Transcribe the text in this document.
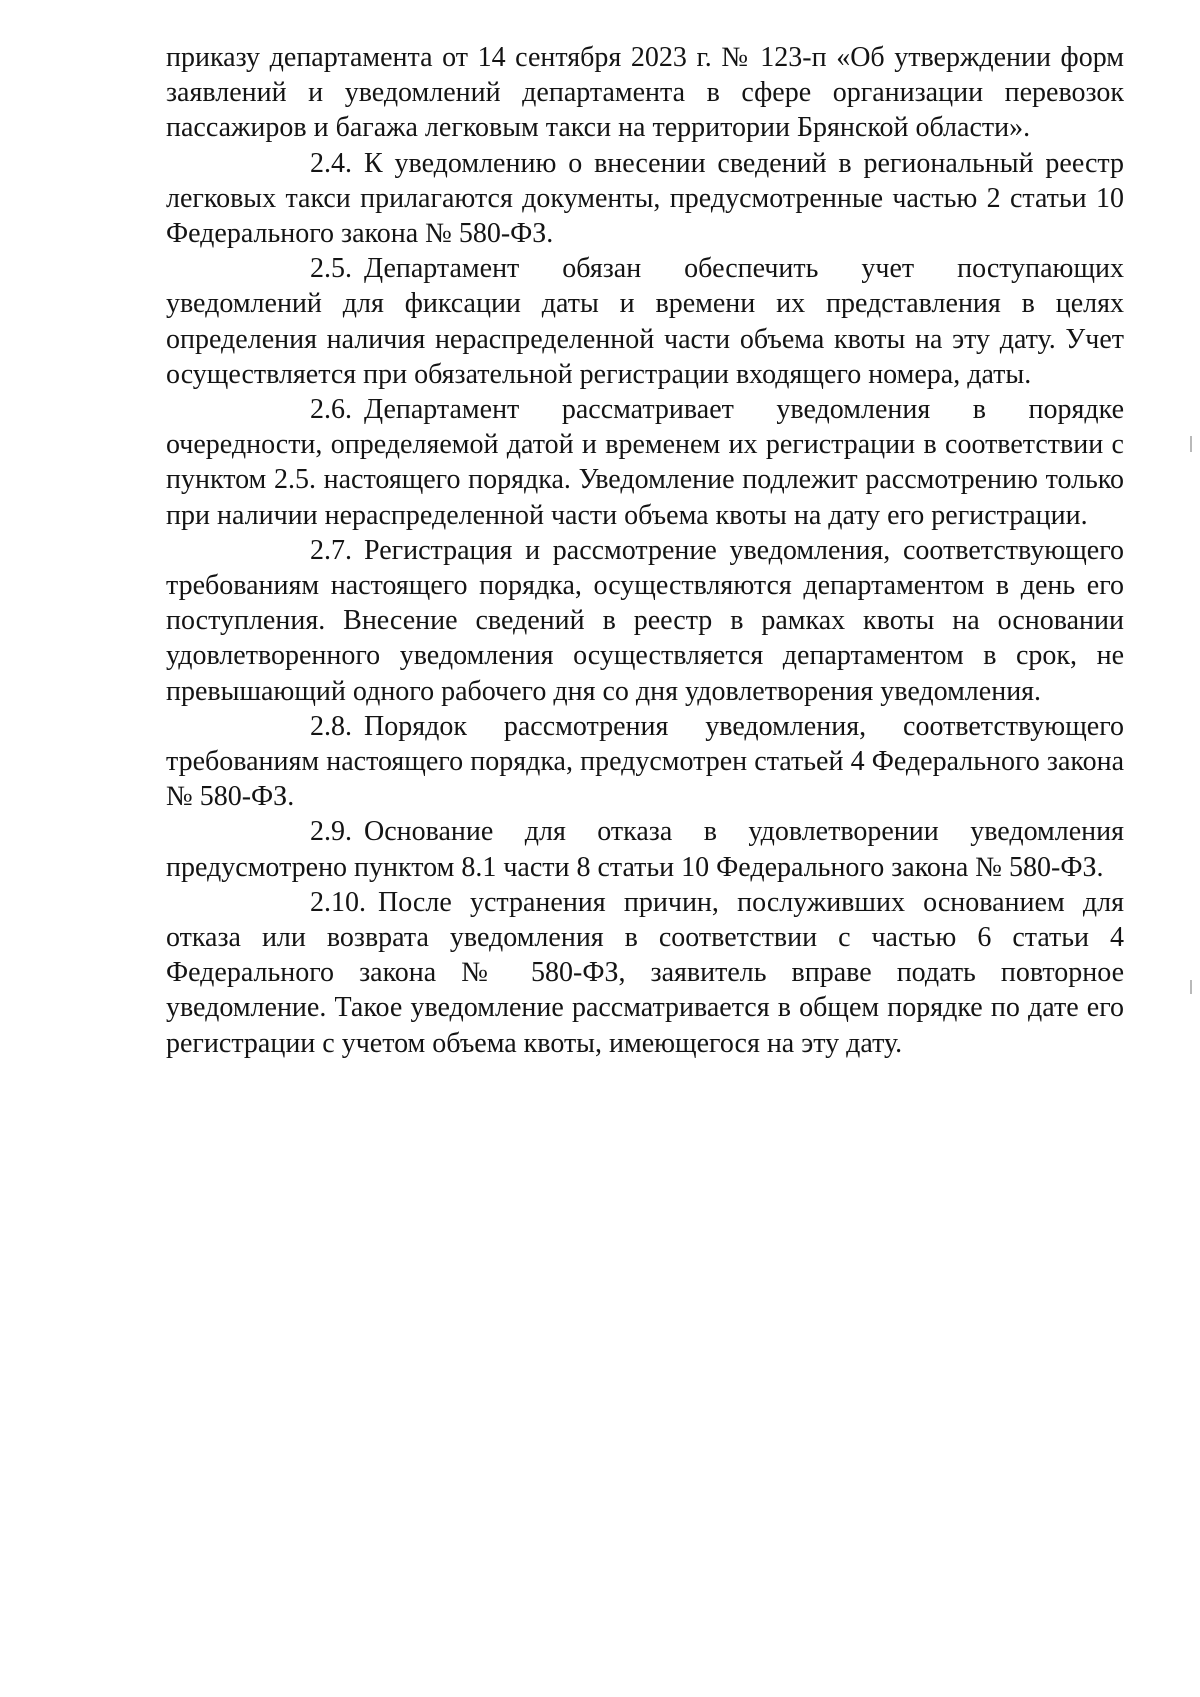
приказу департамента от 14 сентября 2023 г. № 123-п «Об утверждении форм заявлений и уведомлений департамента в сфере организации перевозок пассажиров и багажа легковым такси на территории Брянской области».

2.4. К уведомлению о внесении сведений в региональный реестр легковых такси прилагаются документы, предусмотренные частью 2 статьи 10 Федерального закона № 580-ФЗ.

2.5. Департамент обязан обеспечить учет поступающих уведомлений для фиксации даты и времени их представления в целях определения наличия нераспределенной части объема квоты на эту дату. Учет осуществляется при обязательной регистрации входящего номера, даты.

2.6. Департамент рассматривает уведомления в порядке очередности, определяемой датой и временем их регистрации в соответствии с пунктом 2.5. настоящего порядка. Уведомление подлежит рассмотрению только при наличии нераспределенной части объема квоты на дату его регистрации.

2.7. Регистрация и рассмотрение уведомления, соответствующего требованиям настоящего порядка, осуществляются департаментом в день его поступления. Внесение сведений в реестр в рамках квоты на основании удовлетворенного уведомления осуществляется департаментом в срок, не превышающий одного рабочего дня со дня удовлетворения уведомления.

2.8. Порядок рассмотрения уведомления, соответствующего требованиям настоящего порядка, предусмотрен статьей 4 Федерального закона № 580-ФЗ.

2.9. Основание для отказа в удовлетворении уведомления предусмотрено пунктом 8.1 части 8 статьи 10 Федерального закона № 580-ФЗ.

2.10. После устранения причин, послуживших основанием для отказа или возврата уведомления в соответствии с частью 6 статьи 4 Федерального закона № 580-ФЗ, заявитель вправе подать повторное уведомление. Такое уведомление рассматривается в общем порядке по дате его регистрации с учетом объема квоты, имеющегося на эту дату.
